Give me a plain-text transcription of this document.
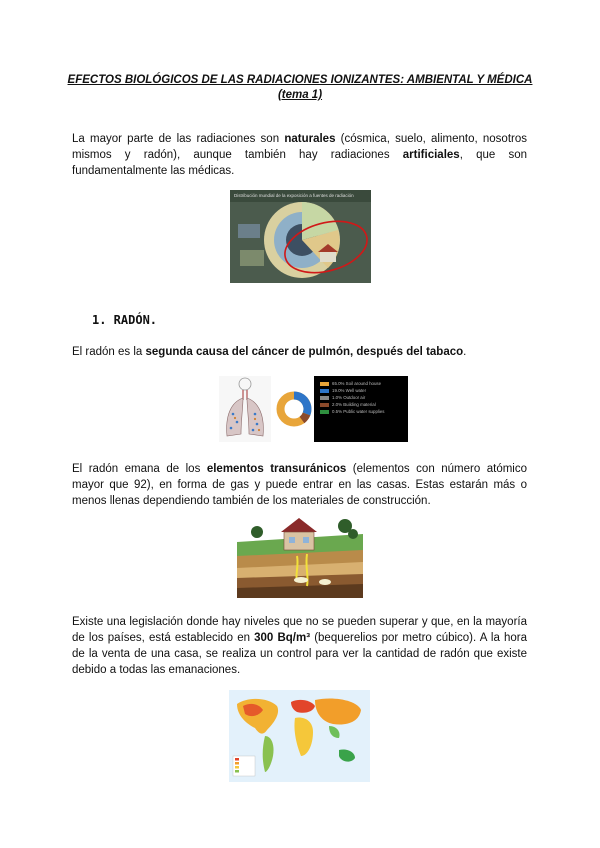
EFECTOS BIOLÓGICOS DE LAS RADIACIONES IONIZANTES: AMBIENTAL Y MÉDICA
(tema 1)

La mayor parte de las radiaciones son naturales (cósmica, suelo, alimento, nosotros mismos y radón), aunque también hay radiaciones artificiales, que son fundamentalmente las médicas.

Distribución mundial de la exposición a fuentes de radiación
1. RADÓN.

El radón es la segunda causa del cáncer de pulmón, después del tabaco.

65.0% Soil around house
19.0% Well water
1.0% Outdoor air
2.0% Building material
0.5% Public water supplies

El radón emana de los elementos transuránicos (elementos con número atómico mayor que 92), en forma de gas y puede entrar en las casas. Estas estarán más o menos llenas dependiendo también de los materiales de construcción.

Existe una legislación donde hay niveles que no se pueden superar y que, en la mayoría de los países, está establecido en 300 Bq/m³ (bequerelios por metro cúbico). A la hora de la venta de una casa, se realiza un control para ver la cantidad de radón que existe debido a todas las emanaciones.
